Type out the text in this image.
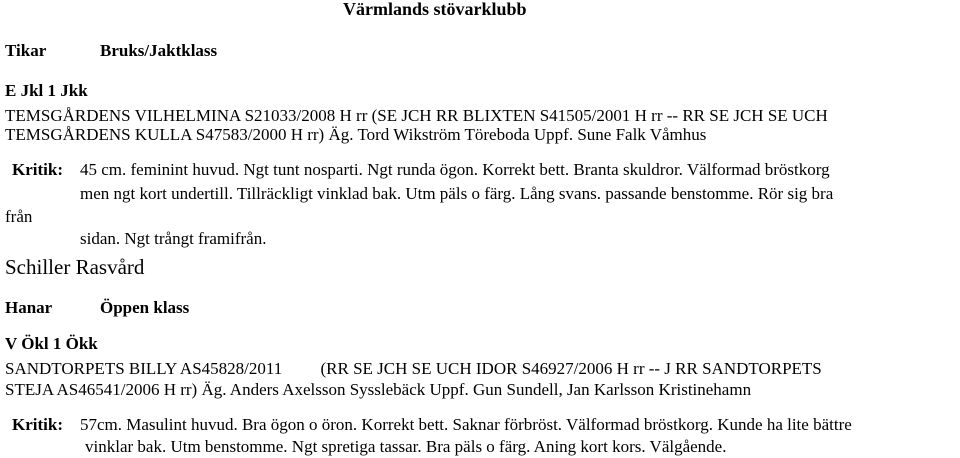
Värmlands stövarklubb
Tikar	Bruks/Jaktklass
E Jkl 1 Jkk
TEMSGÅRDENS VILHELMINA S21033/2008 H rr (SE JCH RR BLIXTEN S41505/2001 H rr -- RR SE JCH SE UCH
TEMSGÅRDENS KULLA S47583/2000 H rr) Äg. Tord Wikström Töreboda Uppf. Sune Falk Våmhus
Kritik: 45 cm. feminint huvud. Ngt tunt nosparti. Ngt runda ögon. Korrekt bett. Branta skuldror. Välformad bröstkorg
men ngt kort undertill. Tillräckligt vinklad bak. Utm päls o färg. Lång svans. passande benstomme. Rör sig bra
från
sidan. Ngt trångt framifrån.
Schiller Rasvård
Hanar	Öppen klass
V Ökl 1 Ökk
SANDTORPETS BILLY AS45828/2011         (RR SE JCH SE UCH IDOR S46927/2006 H rr -- J RR SANDTORPETS
STEJA AS46541/2006 H rr) Äg. Anders Axelsson Sysslebäck Uppf. Gun Sundell, Jan Karlsson Kristinehamn
Kritik: 57cm. Masulint huvud. Bra ögon o öron. Korrekt bett. Saknar förbröst. Välformad bröstkorg. Kunde ha lite bättre
vinklar bak. Utm benstomme. Ngt spretiga tassar. Bra päls o färg. Aning kort kors. Välgående.
